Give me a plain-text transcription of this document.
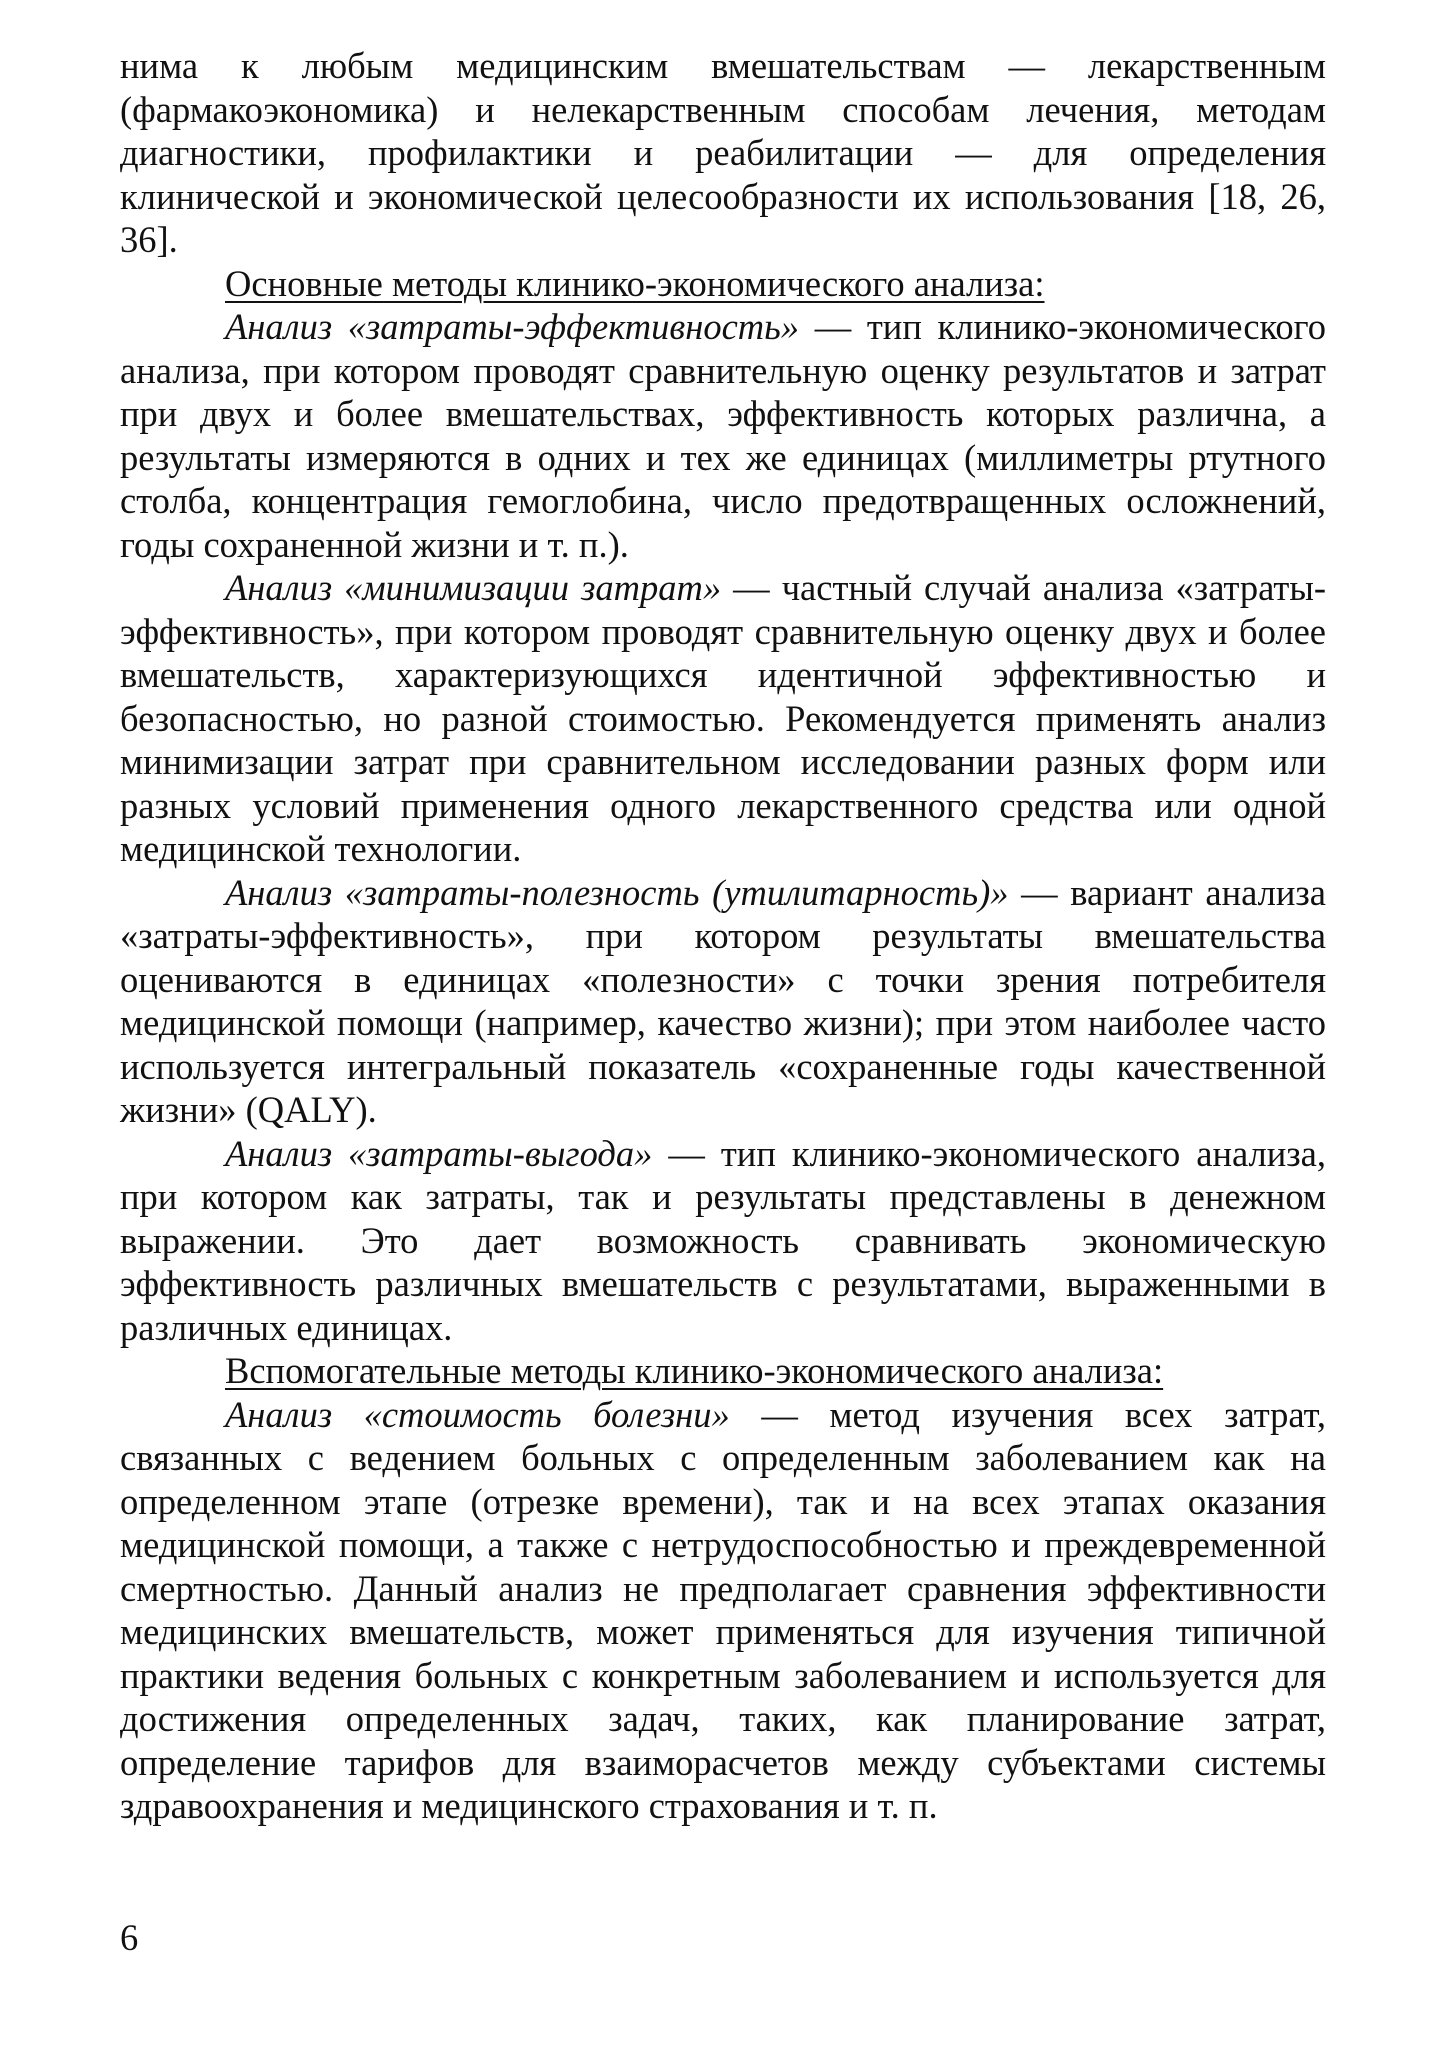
нима к любым медицинским вмешательствам — лекарственным (фармакоэкономика) и нелекарственным способам лечения, методам диагностики, профилактики и реабилитации — для определения клинической и экономической целесообразности их использования [18, 26, 36].

Основные методы клинико-экономического анализа:

Анализ «затраты-эффективность» — тип клинико-экономического анализа, при котором проводят сравнительную оценку результатов и затрат при двух и более вмешательствах, эффективность которых различна, а результаты измеряются в одних и тех же единицах (миллиметры ртутного столба, концентрация гемоглобина, число предотвращенных осложнений, годы сохраненной жизни и т. п.).

Анализ «минимизации затрат» — частный случай анализа «затраты-эффективность», при котором проводят сравнительную оценку двух и более вмешательств, характеризующихся идентичной эффективностью и безопасностью, но разной стоимостью. Рекомендуется применять анализ минимизации затрат при сравнительном исследовании разных форм или разных условий применения одного лекарственного средства или одной медицинской технологии.

Анализ «затраты-полезность (утилитарность)» — вариант анализа «затраты-эффективность», при котором результаты вмешательства оцениваются в единицах «полезности» с точки зрения потребителя медицинской помощи (например, качество жизни); при этом наиболее часто используется интегральный показатель «сохраненные годы качественной жизни» (QALY).

Анализ «затраты-выгода» — тип клинико-экономического анализа, при котором как затраты, так и результаты представлены в денежном выражении. Это дает возможность сравнивать экономическую эффективность различных вмешательств с результатами, выраженными в различных единицах.

Вспомогательные методы клинико-экономического анализа:

Анализ «стоимость болезни» — метод изучения всех затрат, связанных с ведением больных с определенным заболеванием как на определенном этапе (отрезке времени), так и на всех этапах оказания медицинской помощи, а также с нетрудоспособностью и преждевременной смертностью. Данный анализ не предполагает сравнения эффективности медицинских вмешательств, может применяться для изучения типичной практики ведения больных с конкретным заболеванием и используется для достижения определенных задач, таких, как планирование затрат, определение тарифов для взаиморасчетов между субъектами системы здравоохранения и медицинского страхования и т. п.

6
